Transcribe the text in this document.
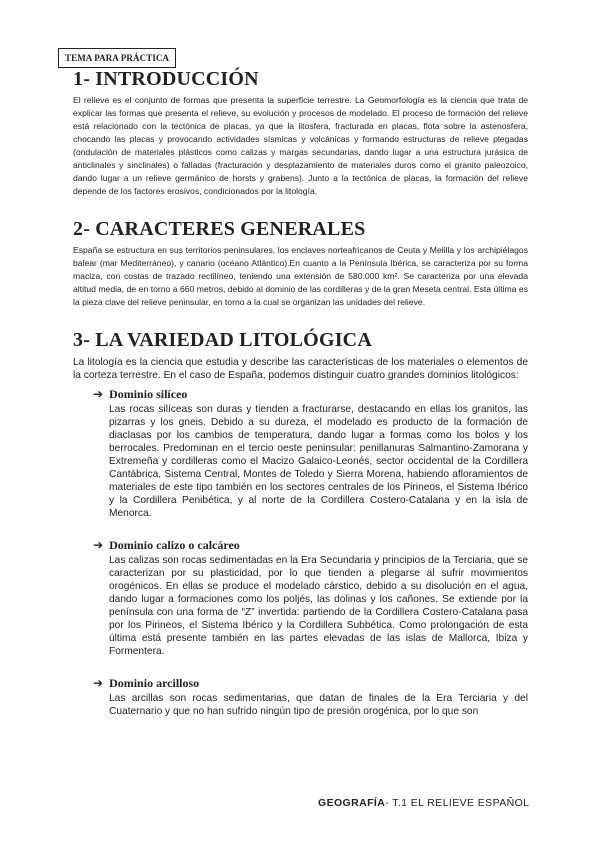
TEMA PARA PRÁCTICA
1- INTRODUCCIÓN

El relieve es el conjunto de formas que presenta la superficie terrestre. La Geomorfología es la ciencia que trata de explicar las formas que presenta el relieve, su evolución y procesos de modelado. El proceso de formación del relieve está relacionado con la tectónica de placas, ya que la litosfera, fracturada en placas, flota sobre la astenosfera, chocando las placas y provocando actividades sísmicas y volcánicas y formando estructuras de relieve plegadas (ondulación de materiales plásticos como calizas y margas secundarias, dando lugar a una estructura jurásica de anticlinales y sinclinales) o falladas (fracturación y desplazamiento de materiales duros como el granito paleozoico, dando lugar a un relieve germánico de horsts y grabens). Junto a la tectónica de placas, la formación del relieve depende de los factores erosivos, condicionados por la litología.

2- CARACTERES GENERALES

España se estructura en sus territorios peninsulares, los enclaves norteafricanos de Ceuta y Melilla y los archipiélagos balear (mar Mediterráneo), y canario (océano Atlántico).En cuanto a la Península Ibérica, se caracteriza por su forma maciza, con costas de trazado rectilíneo, teniendo una extensión de 580.000 km². Se caracteriza por una elevada altitud media, de en torno a 660 metros, debido al dominio de las cordilleras y de la gran Meseta central. Esta última es la pieza clave del relieve peninsular, en torno a la cual se organizan las unidades del relieve.

3- LA VARIEDAD LITOLÓGICA

La litología es la ciencia que estudia y describe las características de los materiales o elementos de la corteza terrestre. En el caso de España, podemos distinguir cuatro grandes dominios litológicos:

➔ Dominio silíceo

Las rocas silíceas son duras y tienden a fracturarse, destacando en ellas los granitos, las pizarras y los gneis. Debido a su dureza, el modelado es producto de la formación de diaclasas por los cambios de temperatura, dando lugar a formas como los bolos y los berrocales. Predominan en el tercio oeste peninsular: penillanuras Salmantino-Zamorana y Extremeña y cordilleras como el Macizo Galaico-Leonés, sector occidental de la Cordillera Cantábrica, Sistema Central, Montes de Toledo y Sierra Morena, habiendo afloramientos de materiales de este tipo también en los sectores centrales de los Pirineos, el Sistema Ibérico y la Cordillera Penibética, y al norte de la Cordillera Costero-Catalana y en la isla de Menorca.

➔ Dominio calizo o calcáreo

Las calizas son rocas sedimentadas en la Era Secundaria y principios de la Terciaria, que se caracterizan por su plasticidad, por lo que tienden a plegarse al sufrir movimientos orogénicos. En ellas se produce el modelado cárstico, debido a su disolución en el agua, dando lugar a formaciones como los poljés, las dolinas y los cañones. Se extiende por la península con una forma de “Z” invertida: partiendo de la Cordillera Costero-Catalana pasa por los Pirineos, el Sistema Ibérico y la Cordillera Subbética. Como prolongación de esta última está presente también en las partes elevadas de las islas de Mallorca, Ibiza y Formentera.

➔ Dominio arcilloso

Las arcillas son rocas sedimentarias, que datan de finales de la Era Terciaria y del Cuaternario y que no han sufrido ningún tipo de presión orogénica, por lo que son

GEOGRAFÍA- T.1 EL RELIEVE ESPAÑOL
